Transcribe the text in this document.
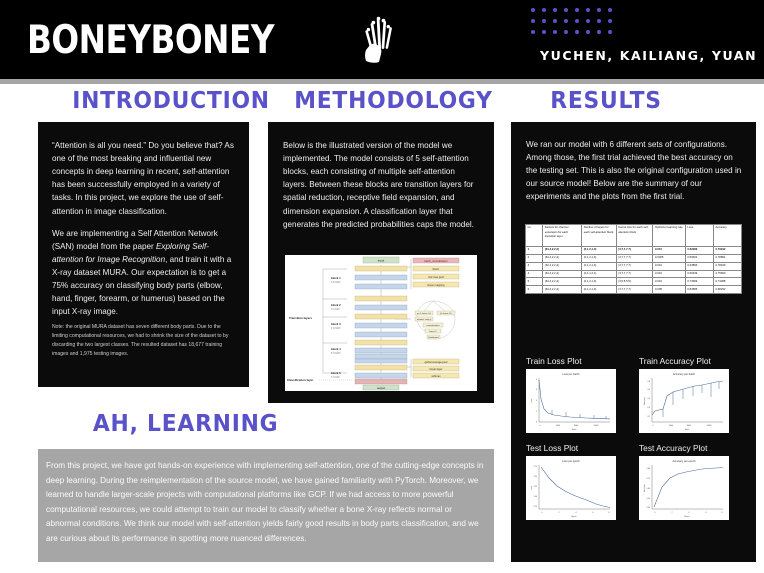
BONEYBONEY	YUCHEN, KAILIANG, YUAN
INTRODUCTION

“Attention is all you need.” Do you believe that? As one of the most breaking and influential new concepts in deep learning in recent, self-attention has been successfully employed in a variety of tasks. In this project, we explore the use of self-attention in image classification.

We are implementing a Self Attention Network (SAN) model from the paper Exploring Self-attention for Image Recognition, and train it with a X-ray dataset MURA. Our expectation is to get a 75% accuracy on classifying body parts (elbow, hand, finger, forearm, or humerus) based on the input X-ray image.

Note: the original MURA dataset has seven different body parts. Due to the limiting computational resources, we had to shrink the size of the dataset to by discarding the two largest classes. The resulted dataset has 18,677 training images and 1,975 testing images.
METHODOLOGY

Below is the illustrated version of the model we implemented. The model consists of 5 self-attention blocks, each consisting of multiple self-attention layers. Between these blocks are transition layers for spatial reduction, receptive field expansion, and dimension expansion. A classification layer that generates the predicted probabilities caps the model.

input
output
batch_normalization
ReLU
2x2 max-pool
linear mapping
φ, δ: linear C/r	β: linear C/r
relation: map γ
normalization
linear C
Hadamard
global average-pool
linear layer
softmax
block 1
2 sa layers
block 2
1 sa layer
block 3
2 sa layers
block 4
4 sa layers
block 5
1 sa layer
Transition layers
Classification layer
RESULTS

We ran our model with 6 different sets of configurations. Among those, the first trial achieved the best accuracy on the testing set. This is also the original configuration used in our source model! Below are the summary of our experiments and the plots from the first trial.

no.	Factors for channel expansion for each transition layer	Number of layers for each self-attention block	Kernel size for each self-attention block	Optimizer learning rate	Loss	Accuracy
1	(64,4,2,2,2)	(2,1,2,1,4)	(3,7,7,7,7)	0.001	0.62293	0.79912
2	(64,4,2,2,2)	(2,1,2,1,4)	(3,7,7,7,7)	0.0005	0.59402	0.78861
3	(32,2,2,2,2)	(2,1,2,1,4)	(3,7,7,7,7)	0.001	0.63893	0.78169
4	(64,4,2,2,2)	(2,1,1,2,1)	(3,7,7,7,7)	0.001	0.66439	0.75660
5	(64,4,2,2,2)	(2,1,2,1,4)	(3,5,5,5,5)	0.001	0.73369	0.74288
6	(64,4,2,2,2)	(2,1,2,1,4)	(3,7,7,7,7)	0.005	0.84585	0.68292
Train Loss Plot
Loss per batch
0
1
3
4
5
0	4000	8000	12000
Batch
Loss
Train Accuracy Plot
Accuracy per batch
0.2
0.3
0.5
0.6
0.8
0	4000	8000	12000
Batch
Accuracy
Test Loss Plot
Loss per epoch
1.75
1.50
1.25
1.00
0.75
0	2	4	6	8
Epoch
Loss
Test Accuracy Plot
Accuracy per epoch
0.80
0.70
0.60
0.50
0.35
0	2	4	6	8
Epoch
Accuracy
AH, LEARNING
From this project, we have got hands-on experience with implementing self-attention, one of the cutting-edge concepts in deep learning. During the reimplementation of the source model, we have gained familiarity with PyTorch. Moreover, we learned to handle larger-scale projects with computational platforms like GCP. If we had access to more powerful computational resources, we could attempt to train our model to classify whether a bone X-ray reflects normal or abnormal conditions. We think our model with self-attention yields fairly good results in body parts classification, and we are curious about its performance in spotting more nuanced differences.
